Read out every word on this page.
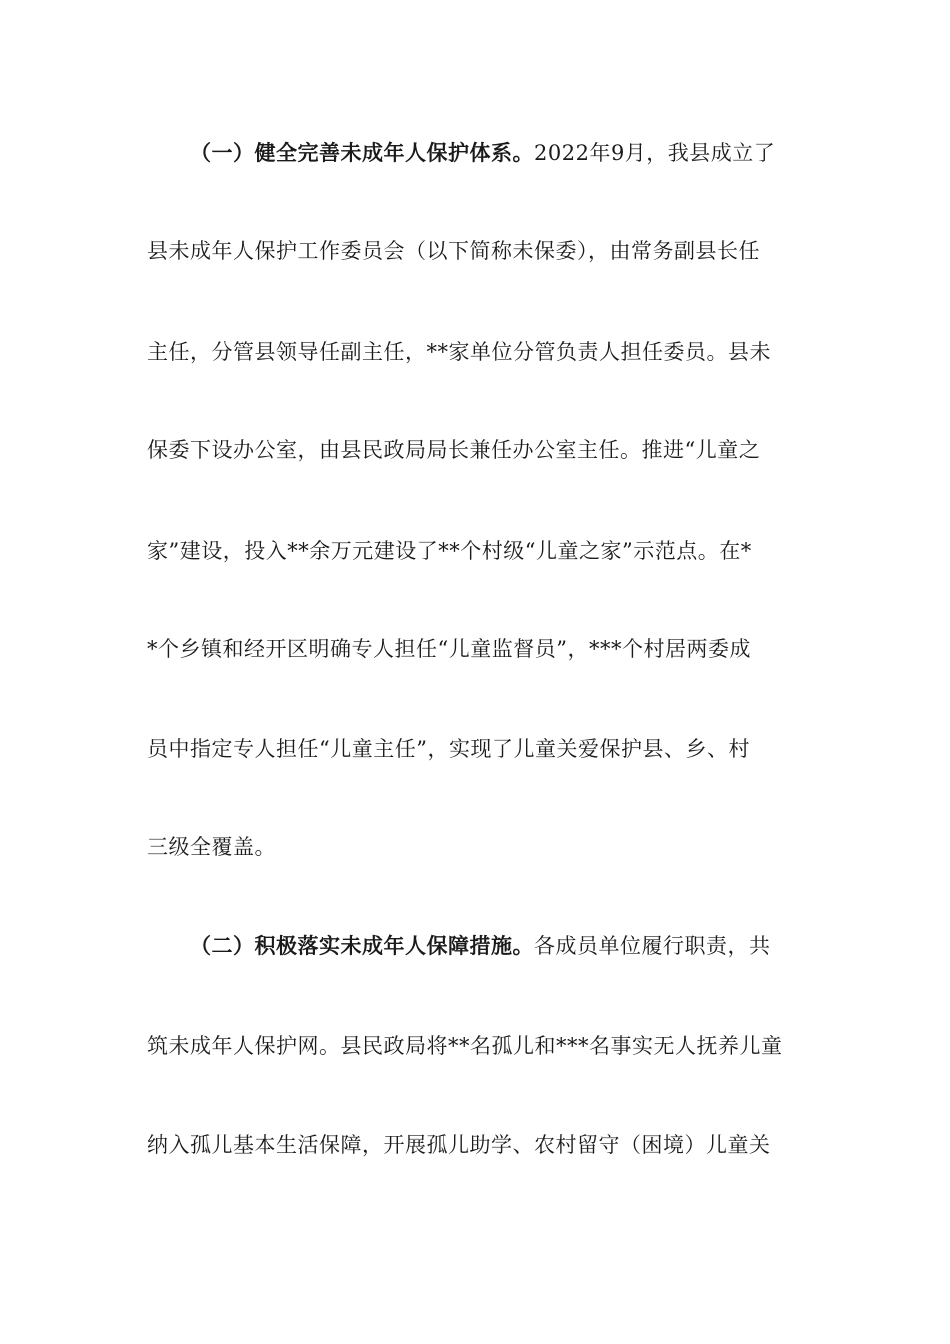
（一）健全完善未成年人保护体系。2022年9月，我县成立了
县未成年人保护工作委员会（以下简称未保委），由常务副县长任
主任，分管县领导任副主任，**家单位分管负责人担任委员。县未
保委下设办公室，由县民政局局长兼任办公室主任。推进“儿童之
家”建设，投入**余万元建设了**个村级“儿童之家”示范点。在*
*个乡镇和经开区明确专人担任“儿童监督员”，***个村居两委成
员中指定专人担任“儿童主任”，实现了儿童关爱保护县、乡、村
三级全覆盖。
（二）积极落实未成年人保障措施。各成员单位履行职责，共
筑未成年人保护网。县民政局将**名孤儿和***名事实无人抚养儿童
纳入孤儿基本生活保障，开展孤儿助学、农村留守（困境）儿童关
